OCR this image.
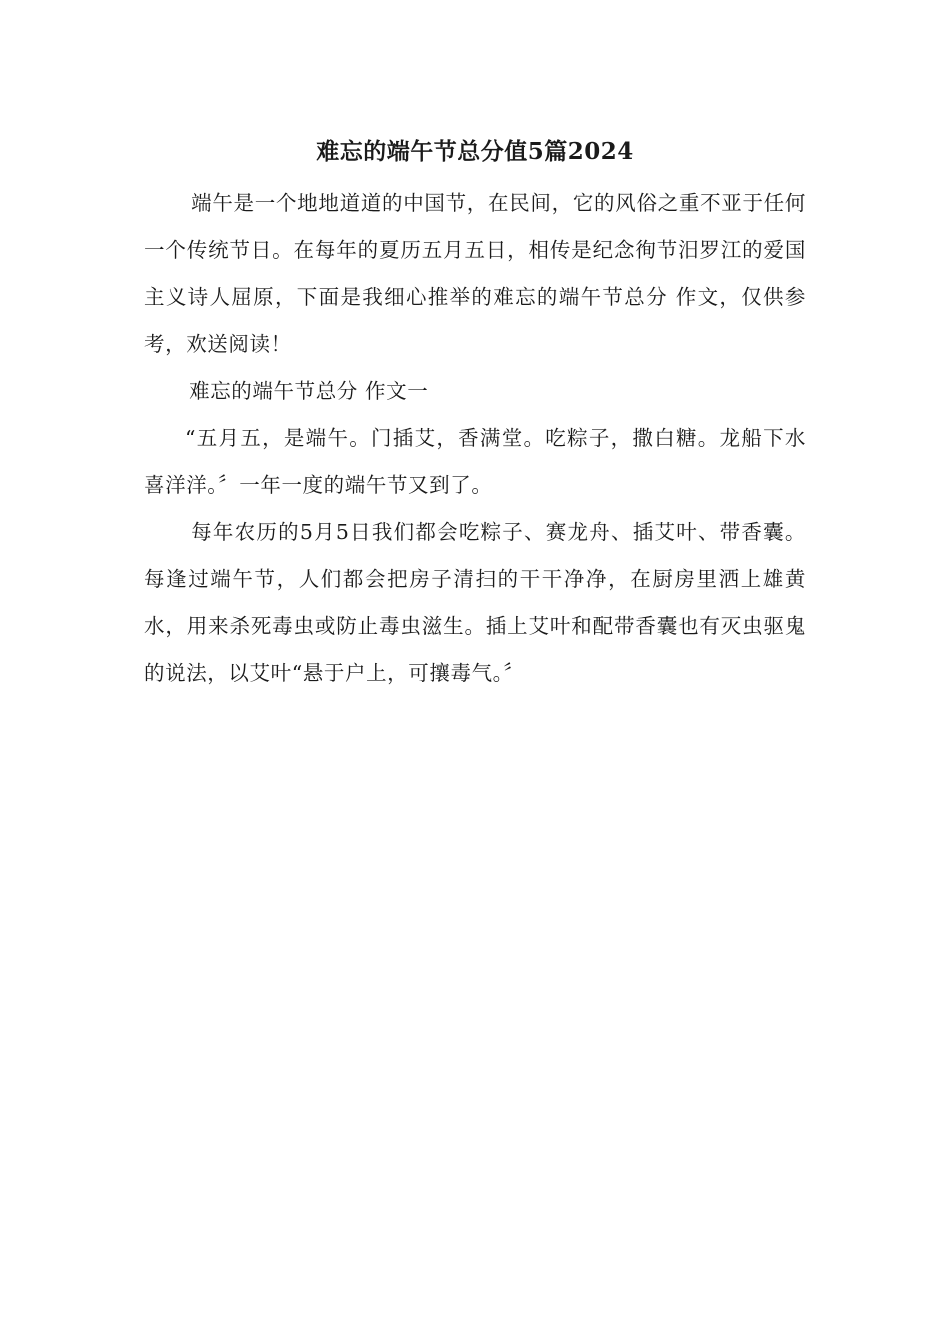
难忘的端午节总分值5篇2024

端午是一个地地道道的中国节，在民间，它的风俗之重不亚于任何一个传统节日。在每年的夏历五月五日，相传是纪念徇节汨罗江的爱国主义诗人屈原，下面是我细心推举的难忘的端午节总分 作文，仅供参考，欢送阅读！

难忘的端午节总分 作文一

“五月五，是端午。门插艾，香满堂。吃粽子，撒白糖。龙船下水喜洋洋。〞一年一度的端午节又到了。

每年农历的5月5日我们都会吃粽子、赛龙舟、插艾叶、带香囊。每逢过端午节，人们都会把房子清扫的干干净净，在厨房里洒上雄黄水，用来杀死毒虫或防止毒虫滋生。插上艾叶和配带香囊也有灭虫驱鬼的说法，以艾叶“悬于户上，可攘毒气。〞
